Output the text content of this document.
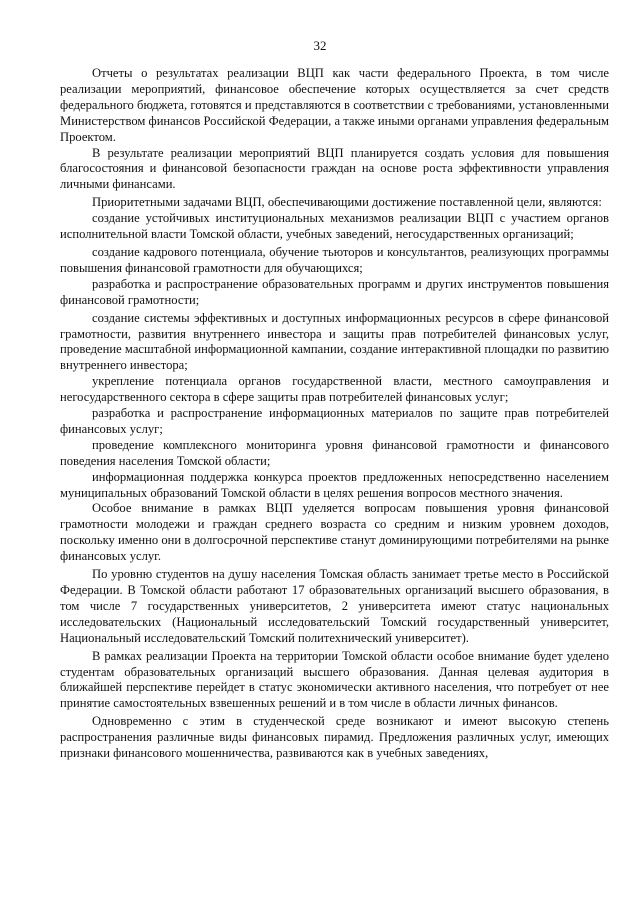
32

Отчеты о результатах реализации ВЦП как части федерального Проекта, в том числе реализации мероприятий, финансовое обеспечение которых осуществляется за счет средств федерального бюджета, готовятся и представляются в соответствии с требованиями, установленными Министерством финансов Российской Федерации, а также иными органами управления федеральным Проектом.

В результате реализации мероприятий ВЦП планируется создать условия для повышения благосостояния и финансовой безопасности граждан на основе роста эффективности управления личными финансами.

Приоритетными задачами ВЦП, обеспечивающими достижение поставленной цели, являются:

создание устойчивых институциональных механизмов реализации ВЦП с участием органов исполнительной власти Томской области, учебных заведений, негосударственных организаций;

создание кадрового потенциала, обучение тьюторов и консультантов, реализующих программы повышения финансовой грамотности для обучающихся;

разработка и распространение образовательных программ и других инструментов повышения финансовой грамотности;

создание системы эффективных и доступных информационных ресурсов в сфере финансовой грамотности, развития внутреннего инвестора и защиты прав потребителей финансовых услуг, проведение масштабной информационной кампании, создание интерактивной площадки по развитию внутреннего инвестора;

укрепление потенциала органов государственной власти, местного самоуправления и негосударственного сектора в сфере защиты прав потребителей финансовых услуг;

разработка и распространение информационных материалов по защите прав потребителей финансовых услуг;

проведение комплексного мониторинга уровня финансовой грамотности и финансового поведения населения Томской области;

информационная поддержка конкурса проектов предложенных непосредственно населением муниципальных образований Томской области в целях решения вопросов местного значения.

Особое внимание в рамках ВЦП уделяется вопросам повышения уровня финансовой грамотности молодежи и граждан среднего возраста со средним и низким уровнем доходов, поскольку именно они в долгосрочной перспективе станут доминирующими потребителями на рынке финансовых услуг.

По уровню студентов на душу населения Томская область занимает третье место в Российской Федерации. В Томской области работают 17 образовательных организаций высшего образования, в том числе 7 государственных университетов, 2 университета имеют статус национальных исследовательских (Национальный исследовательский Томский государственный университет, Национальный исследовательский Томский политехнический университет).

В рамках реализации Проекта на территории Томской области особое внимание будет уделено студентам образовательных организаций высшего образования. Данная целевая аудитория в ближайшей перспективе перейдет в статус экономически активного населения, что потребует от нее принятие самостоятельных взвешенных решений и в том числе в области личных финансов.

Одновременно с этим в студенческой среде возникают и имеют высокую степень распространения различные виды финансовых пирамид. Предложения различных услуг, имеющих признаки финансового мошенничества, развиваются как в учебных заведениях,
